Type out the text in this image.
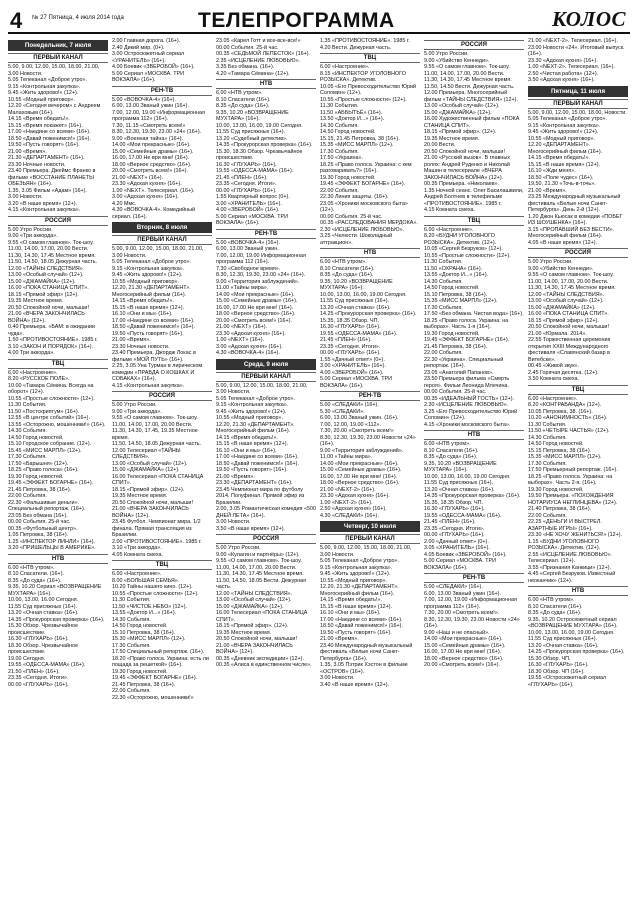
4 № 27 Пятница, 4 июля 2014 года	ТЕЛЕПРОГРАММА	КОЛОС
Понедельник, 7 июля
ПЕРВЫЙ КАНАЛ
5.00, 9.00, 12.00, 15.00, 18.00, 21.00, 3.00 Новости.
5.05 Телеканал «Доброе утро».
9.15 «Контрольная закупка».
9.45 «Жить здорово!» (12+).
10.55 «Модный приговор».
12.20 «Сегодня вечером» с Андреем Малаховым (16+).
14.15 «Время обедать!».
15.15 «Время покажет» (16+).
17.00 «Наедине со всеми» (16+).
18.50 «Давай поженимся!» (16+).
19.50 «Пусть говорят» (16+).
21.00 «Время».
21.30 «ДЕПАРТАМЕНТ» (16+).
23.30 Ночные новости.
23.40 Премьера. Джеймс Франко в фильме «ВОССТАНИЕ ПЛАНЕТЫ ОБЕЗЬЯН» (16+).
1.35, 3.05 Фильм «Адам» (16+).
3.00 Новости.
3.20 «В наше время» (12+).
4.15 «Контрольная закупка».
РОССИЯ
5.00 Утро России.
9.00 «Три аккорда».
9.55 «О самом главном». Ток-шоу.
11.00, 14.00, 17.00, 20.00 Вести.
11.30, 14.30, 17.45 Местное время.
11.50, 14.50, 18.05 Дежурная часть.
12.00 «ТАЙНЫ СЛЕДСТВИЯ».
13.00 «Особый случай» (12+).
15.00 «ДЖАМАЙКА» (12+).
16.00 «ПОКА СТАНИЦА СПИТ».
18.15 «Прямой эфир» (12+).
19.35 Местное время.
20.50 Спокойной ночи, малыши!
21.00 «ВЧЕРА ЗАКОНЧИЛАСЬ ВОЙНА» (12+).
0.40 Премьера. «БАМ: в ожидании чуда».
1.50 «ПРОТИВОСТОЯНИЕ». 1985 г.
3.10 «ЗАКОН И ПОРЯДОК» (16+).
4.00 Три аккорда».
ТВЦ
6.00 «Настроение».
8.20 «РУССКОЕ ПОЛЕ».
10.00 «Тамара Сёмина. Всегда на оборот» (12+).
10.55 «Простые сложности» (12+).
11.30 События.
11.50 «Постскриптум» (16+).
12.55 «В центре событий» (16+).
13.55 «Осторожно, мошенники!» (16+).
14.30 События.
14.50 Город новостей.
15.10 Городское собрание. (12+).
15.45 «МИСС МАРПЛ» (12+).
17.30 События.
17.50 «Барышня» (12+).
18.25 «Право голоса» (16+).
19.30 Город новостей.
19.45 «ЭФФЕКТ БОГАРНЕ» (16+).
21.45 Петровка, 38 (16+).
22.00 События.
22.30 «Фальшивые деньги». Специальный репортаж. (16+).
23.05 Без обмана (16+).
00.00 События. 25-й час.
00.35 «Футбольный центр».
1.05 Петровка, 38 (16+).
1.25 «ИНСПЕКТОР ЛИНЛИ» (16+).
3.20 «ПРИШЕЛЬЦЫ В АМЕРИКЕ».
НТВ
6.00 «НТВ утром».
8.10 Спасатели. (16+).
8.35 «До суда» (16+).
9.35, 10.20 Сериал «ВОЗВРАЩЕНИЕ МУХТАРА» (16+).
10.00, 13.00, 16.00 Сегодня.
11.55 Суд присяжных (16+).
13.20 «Очная ставка» (16+).
14.35 «Прокурорская проверка» (16+).
15.30 Обзор. Чрезвычайное происшествие.
16.30 «ГЛУХАРЬ» (16+).
18.30 Обзор. Чрезвычайное происшествие.
19.00 Сегодня.
19.55 «ОДЕССА-МАМА» (16+).
21.50 «ПЛЕН» (16+).
23.35 «Сегодня. Итоги».
00.00 «ГЛУХАРЬ» (16+).
2.00 Главная дорога. (16+).
2.40 Дикий мир. (0+).
3.00 Остросюжетный сериал «УРАНИТЕЛЬ» (16+).
4.00 Боевик «ЗВЕРОБОЙ» (16+).
5.00 Сериал «МОСКВА. ТРИ ВОКЗАЛА» (16+).
РЕН-ТВ
5.00 «ВОВОЧКА-4» (16+).
6.00, 13.00 Званый ужин (16+).
7.00, 12.00, 19.00 «Информационная программа 112» (16+).
7.30, 11.15 «Смотреть всем!»
8.30, 12.30, 19.30, 23.00 «24» (16+).
9.00 «Военная тайна» (16+).
14.00 «Мои прекрасные» (16+).
15.00 «Семейные драмы» (16+).
16.00, 17.00 Не ври мне! (16+).
18.00 «Верное средство» (16+).
20.00 «Смотреть всем!» (16+).
21.00 «NEXT» (16+).
23.30 «Адская кухня» (16+).
1.00 «NEXT». Телесериал. (16+).
3.00 «Адская кухня» (16+).
4.20 Ммс.
4.30 «ВОВОЧКА-4». Комедийный сериал. (16+).
Вторник, 8 июля
ПЕРВЫЙ КАНАЛ
5.00, 9.00, 12.00, 15.00, 18.00, 21.00, 3.00 Новости.
5.05 Телеканал «Доброе утро».
9.15 «Контрольная закупка».
9.45 «Жить здорово!» (12+).
10.55 «Модный приговор».
12.20, 21.30 «ДЕПАРТАМЕНТ». Многосерийный фильм (16+).
14.15 «Время обедать!».
15.15 «В наше время» (12+).
16.10 «Они и мы» (16+).
17.00 «Наедине со всеми» (16+).
18.50 «Давай поженимся!» (16+).
19.50 «Пусть говорят» (16+).
21.00 «Время».
23.30 Ночные новости.
23.40 Премьера. Джордж Локас в фильме «МОЙ ПУТЬ» (16+).
2.25, 3.05 Уна Турман в лирическом комедии «ПРАВДА О КОШКАХ И СОБАКАХ» (16+).
4.15 «Контрольная закупка».
РОССИЯ
5.00 Утро России.
9.00 «Три аккорда».
9.55 «О самом главном». Ток-шоу.
11.00, 14.00, 17.00, 20.00 Вести.
11.30, 14.30, 17.45, 19.35 Местное время.
11.50, 14.50, 18.05 Дежурная часть.
12.00 Телесериал «ТАЙНЫ СЛЕДСТВИЯ».
13.00 «Особый случай» (12+).
15.00 «ДЖАМАЙКА» (12+).
16.00 Телесериал «ПОКА СТАНИЦА СПИТ».
18.15 «Прямой эфир». (12+).
19.35 Местное время.
20.50 Спокойной ночи, малыши!
21.00 «ВЧЕРА ЗАКОНЧИЛАСЬ ВОЙНА» (12+).
23.45 Футбол. Чемпионат мира. 1/2 финала. Прямая трансляция из Бразилии.
2.00 «ПРОТИВОСТОЯНИЕ». 1985 г.
3.10 «Три аккорда».
4.05 Комната смеха.
ТВЦ
6.00 «Настроение».
8.00 «БОЛЬШАЯ СЕМЬЯ».
10.20 Тайны нашего кино. (12+).
10.55 «Простые сложности» (12+).
11.30 События.
11.50 «ЧИСТОЕ НЕБО» (12+).
13.55 «Доктор И...» (16+).
14.30 События.
14.50 Город новостей.
15.10 Петровка, 38 (16+).
15.30 «МИСС МАРПЛ» (12+).
17.30 События.
17.50 Специальный репортаж. (16+).
18.20 «Право голоса. Украина: есть ли пощада за решеткой» (16+).
19.30 Город новостей.
19.45 «ЭФФЕКТ БОГАРНЕ» (16+).
21.45 Петровка, 38 (16+).
22.00 События.
22.30 «Осторожно, мошенники!»
23.05 «Карел Готт и все-все-все!»
00.00 События. 25-й час.
00.35 «СЕДЬМОЙ ЛЕПЕСТОК» (16+).
2.35 «ИСЦЕЛЕНИЕ ЛЮБОВЬЮ».
3.35 Без обмана. (16+).
4.20 «Тамара Сёмина» (12+).
НТВ
6.00 «НТВ утром».
8.10 Спасатели (16+).
8.35 «До суда» (16+).
9.35, 10.20 «ВОЗВРАЩЕНИЕ МУХТАРА» (16+).
10.00, 13.00, 16.00, 19.00 Сегодня.
11.55 Суд присяжных (16+).
13.20 «Судебный детектив».
14.35 «Прокурорская проверка» (16+).
15.30, 18.30 Обзор. Чрезвычайное происшествие.
16.30 «ГЛУХАРЬ» (16+).
19.55 «ОДЕССА-МАМА» (16+).
21.45 «ПЛЕН» (16+).
23.35 «Сегодня. Итоги».
00.00 «ГЛУХАРЬ» (16+).
1.55 Квартирный вопрос (0+).
3.00 «ХРАНИТЕЛЬ» (16+).
4.00 «ЗВЕРОБОЙ» (16+).
5.00 Сериал «МОСКВА. ТРИ ВОКЗАЛА» (16+).
РЕН-ТВ
5.00 «ВОВОЧКА-4» (16+).
6.00, 13.00 Званый ужин.
7.00, 12.00, 19.00 Информационная программа 112 (16+).
7.30 «Свободное время».
8.30, 12.30, 19.30, 23.00 «24» (16+).
9.00 «Территория заблуждений».
11.00 «Тайны мира».
14.00 «Мои прекрасные» (16+).
15.00 «Семейные драмы» (16+).
16.00, 17.00 Не ври мне! (16+).
18.00 «Верное средство» (16+).
20.00 «Смотреть всем!» (16+).
21.00 «NEXT» (16+).
23.30 «Адская кухня» (16+).
1.00 «NEXT» (16+).
3.00 «Адская кухня» (16+).
4.30 «ВОВОЧКА-4» (16+).
Среда, 9 июля
ПЕРВЫЙ КАНАЛ
5.00, 9.00, 12.00, 15.00, 18.00, 21.00, 3.00 Новости.
5.05 Телеканал «Доброе утро».
9.15 «Контрольная закупка».
9.45 «Жить здорово!» (12+).
10.55 «Модный приговор».
12.20, 21.30 «ДЕПАРТАМЕНТ». Многосерийный фильм (16+).
14.15 «Время обедать!».
15.15 «В наше время» (12+).
16.10 «Они и мы» (16+).
17.00 «Наедине со всеми» (16+).
18.50 «Давай поженимся!» (16+).
19.50 «Пусть говорят» (16+).
21.00 «Время».
23.30 «ДЕПАРТАМЕНТ» (16+).
23.45 Чемпионат мира по футболу 2014. Полуфинал. Прямой эфир из Бразилии.
2.00, 3.05 Романтическая комедия «500 ДНЕЙ ЛЕТА» (16+).
3.00 Новости.
3.50 «В наше время» (12+).
РОССИЯ
5.00 Утро России.
9.00 «Кулагин и партнёры» (12+).
9.55 «О самом главном». Ток-шоу.
11.00, 14.00, 17.00, 20.00 Вести.
11.30, 14.30, 17.45 Местное время.
11.50, 14.50, 18.05 Вести. Дежурная часть.
12.00 «ТАЙНЫ СЛЕДСТВИЯ».
13.00 «Особый случай» (12+).
15.00 «ДЖАМАЙКА» (12+).
16.00 Телесериал «ПОКА СТАНИЦА СПИТ».
18.15 «Прямой эфир». (12+).
19.35 Местное время.
20.50 Спокойной ночи, малыши!
21.00 «ВЧЕРА ЗАКОНЧИЛАСЬ ВОЙНА» (12+).
00.35 «Дневник экспедиции» (12+).
00.35 «Алиса в единственном числе».
1.35 «ПРОТИВОСТОЯНИЕ». 1985 г.
4.20 Вести. Дежурная часть.
ТВЦ
6.00 «Настроение».
8.15 «ИНСПЕКТОР УГОЛОВНОГО РОЗЫСКА». Детектив.
10.05 «Его Превосходительство Юрий Соломин» (12+).
10.55 «Простые сложности» (12+).
11.30 События.
11.50 «АББЫТЬЁ» (16+).
13.50 «Доктор И...» (16+).
14.30 События.
14.50 Город новостей.
15.15, 21.45 Петровка, 38 (16+).
15.35 «МИСС МАРПЛ» (12+).
17.30 События.
17.50 «Украина».
18.25 «Право голоса. Украина: с кем разговаривать?» (16+).
19.30 Город новостей.
19.45 «ЭФФЕКТ БОГАРНЕ» (16+).
22.00 События.
22.30 Линия защиты. (16+).
23.05 «Хроники московского быта» (12+).
00.00 События. 25-й час.
00.35 «РАССЛЕДОВАНИЯ МЕРДОКА».
2.30 «ИСЦЕЛЕНИЕ ЛЮБОВЬЮ».
3.25 «Челюсти. Шоколадный аттракцион».
НТВ
6.00 «НТВ утром».
8.10 Спасатели (16+).
8.35 «До суда» (16+).
9.35, 10.20 «ВОЗВРАЩЕНИЕ МУХТАРА» (16+).
10.00, 13.00, 16.00, 19.00 Сегодня.
11.55 Суд присяжных (16+).
13.20 «Очная ставка» (16+).
14.25 «Прокурорская проверка» (16+).
15.35, 18.35 Обзор. ЧП.
16.30 «ГЛУХАРЬ» (16+).
19.55 «ОДЕССА-МАМА» (16+).
21.45 «ПЛЕН» (16+).
23.35 «Сегодня. Итоги».
00.00 «ГЛУХАРЬ» (16+).
1.55 «Дачный ответ» (0+).
3.00 «ХРАНИТЕЛЬ» (16+).
4.00 «ЗВЕРОБОЙ» (16+).
5.00 Сериал «МОСКВА. ТРИ ВОКЗАЛА» (16+).
РЕН-ТВ
5.00 «СЛЕДАКИ» (16+).
5.30 «СЛЕДАКИ».
6.00, 13.00 Званый ужин. (16+).
7.00, 12.00, 19.00 «112».
7.30, 20.00 «Смотреть всем!»
8.30, 12.30, 19.30, 23.00 Новости «24» (16+).
9.00 «Территория заблуждений».
11.00 «Тайны мира».
14.00 «Мои прекрасные» (16+).
15.00 «Семейные драмы» (16+).
16.00, 17.00 Не ври мне! (16+).
18.00 «Верное средство» (16+).
21.00 «NEXT-2» (16+).
23.30 «Адская кухня» (16+).
1.00 «NEXT-2» (16+).
2.50 «Адская кухня» (16+).
4.30 «СЛЕДАКИ» (16+).
Четверг, 10 июля
ПЕРВЫЙ КАНАЛ
5.00, 9.00, 12.00, 15.00, 18.00, 21.00, 3.00 Новости.
5.05 Телеканал «Доброе утро».
9.15 «Контрольная закупка».
9.45 «Жить здорово!» (12+).
10.55 «Модный приговор».
12.20, 21.30 «ДЕПАРТАМЕНТ». Многосерийный фильм (16+).
14.15 «Время обедать!».
15.15 «В наше время» (12+).
16.10 «Они и мы» (16+).
17.00 «Наедине со всеми» (16+).
18.50 «Давай поженимся!» (16+).
19.50 «Пусть говорят» (16+).
21.00 «Время».
23.40 Международный музыкальный фестиваль «Белые ночи Санкт-Петербурга» (16+).
1.35, 3.05 Пэтрик Хэстон в фильме «ОСТРОВ» (16+).
3.00 Новости.
3.40 «В наше время» (12+).
РОССИЯ
5.00 Утро России.
9.00 «Убийство Кеннеди».
9.55 «О самом главном». Ток-шоу.
11.00, 14.00, 17.00, 20.00 Вести.
11.30, 14.30, 17.45 Местное время.
11.50, 14.50 Вести. Дежурная часть.
12.00 Премьера. Многосерийный фильм «ТАЙНЫ СЛЕДСТВИЯ» (12+).
13.00 «Особый случай» (12+).
15.00 «ДЖАМАЙКА» (12+).
16.00 Художественный фильм «ПОКА СТАНИЦА СПИТ».
18.15 «Прямой эфир». (12+).
19.35 Местное время.
20.00 Вести.
20.50 Спокойной ночи, малыши!
21.00 «Русский вызов». В главных ролях: Андрей Руденко и Николай Машин в телесериале «ВЧЕРА ЗАКОНЧИЛАСЬ ВОЙНА» (12+).
00.35 Премьера. «Николаев».
1.35 Ночной сеанс. Олег Басилашвили, Андрей Болтнев в телефильме «ПРОТИВОСТОЯНИЕ». 1985 г.
4.15 Комната смеха.
ТВЦ
6.00 «Настроение».
8.20 «БУДНИ УГОЛОВНОГО РОЗЫСКА». Детектив. (12+).
10.05 «Сергей Безруков» (12+).
10.55 «Простые сложности» (12+).
11.30 События.
11.50 «ОХРАНА» (16+).
13.55 «Доктор И...» (16+).
14.30 События.
14.50 Город новостей.
15.10 Петровка, 38 (16+).
15.35 «МИСС МАРПЛ» (12+).
17.30 События.
17.50 «Без обмана. Чистая вода» (16+).
18.25 «Право голоса. Украина: на выборах». Часть 1-я (16+).
19.30 Город новостей.
19.45 «ЭФФЕКТ БОГАРНЕ» (16+).
21.45 Петровка, 38 (16+).
22.00 События.
22.30 «Украина». Специальный репортаж. (16+).
23.05 «Анатолий Папанов».
23.50 Премьера фильма «Смерть героя». Фильм Леонида Млечина.
00.00 События. 25-й час.
00.35 «ИДЕАЛЬНЫЙ ГОСТЬ» (12+).
2.30 «ИСЦЕЛЕНИЕ ЛЮБОВЬЮ».
3.25 «Его Превосходительство Юрий Соломин» (12+).
4.15 «Хроники московского быта».
НТВ
6.00 «НТВ утром».
8.10 Спасатели (16+).
8.35 «До суда» (16+).
9.35, 10.20 «ВОЗВРАЩЕНИЕ МУХТАРА» (16+).
10.00, 13.00, 16.00, 19.00 Сегодня.
11.55 Суд присяжных (16+).
13.20 «Очная ставка» (16+).
14.35 «Прокурорская проверка» (16+).
15.35, 18.35 Обзор. ЧП.
16.30 «ГЛУХАРЬ» (16+).
19.55 «ОДЕССА-МАМА» (16+).
21.45 «ПЛЕН» (16+).
23.35 «Сегодня. Итоги».
00.00 «ГЛУХАРЬ» (16+).
2.00 «Дачный ответ» (0+).
3.05 «ХРАНИТЕЛЬ» (16+).
4.05 Боевик «ЗВЕРОБОЙ» (16+).
5.00 Сериал «МОСКВА. ТРИ ВОКЗАЛА» (16+).
РЕН-ТВ
5.00 «СЛЕДАКИ» (16+).
6.00, 13.00 Званый ужин (16+).
7.00, 12.00, 19.00 «Информационная программа 112» (16+).
7.30, 20.00 «Смотреть всем!».
8.30, 12.30, 19.30, 23.00 Новости «24» (16+).
9.00 «Наш и не опасный».
14.00 «Мои прекрасные» (16+).
15.00 «Семейные драмы» (16+).
16.00, 17.00 Не ври мне! (16+).
18.00 «Верное средство» (16+).
20.00 «Смотреть всем!» (16+).
21.00 «NEXT-2». Телесериал. (16+).
23.00 Новости «24». Итоговый выпуск. (16+).
23.30 «Адская кухня» (16+).
1.00 «NEXT-2». Телесериал. (16+).
2.50 «Чистая работа» (12+).
3.50 «Адская кухня» (16+).
Пятница, 11 июля
ПЕРВЫЙ КАНАЛ
5.00, 9.00, 12.00, 15.00, 18.00, Новости.
5.05 Телеканал «Доброе утро».
9.15 «Контрольная закупка».
9.45 «Жить здорово!» (12+).
10.55 «Модный приговор».
12.20 «ДЕПАРТАМЕНТ». Многосерийный фильм (16+).
14.15 «Время обедать!».
15.15 «В наше время» (12+).
16.10 «Жди меня».
18.50 «Поле чудес» (16+).
19.50, 21.30 «Точь-в-точь».
21.00 «Время».
23.25 Международный музыкальный фестиваль «Белые ночи Санкт-Петербурга». День 2-й (12+).
1.20 Джон Кьюсак в комедии «ПОБЕГ ИЗ ШОУШЕНКА» (16+).
3.15 «ПРОПАВШИЙ БЕЗ ВЕСТИ». Многосерийный фильм (16+).
4.05 «В наше время» (12+).
РОССИЯ
5.00 Утро России.
9.00 «Убийство Кеннеди».
9.55 «О самом главном». Ток-шоу.
11.00, 14.00, 17.00, 20.00 Вести.
11.30, 14.30, 17.45 Местное время.
12.00 «ТАЙНЫ СЛЕДСТВИЯ».
13.00 «Особый случай» (12+).
15.00 «ДЖАМАЙКА» (12+).
16.00 «ПОКА СТАНИЦА СПИТ».
18.15 «Прямой эфир» (12+).
20.50 Спокойной ночи, малыши!
21.00 «Юрмала. 2014».
22.55 Торжественная церемония открытия XXIII Международного фестиваля «Славянский базар в Витебске».
00.45 «Живой звук».
2.45 Горячая десятка. (12+).
3.50 Комната смеха.
ТВЦ
6.00 «Настроение».
8.20 «КОНТРАБАНДА» (12+).
10.05 Петровка, 38. (16+).
10.20 «АНОНИМНОСТЬ» (16+).
11.30 События.
11.50 «ЧЕТЫРЕ ЧАСТЬЯ» (12+).
14.30 События.
14.50 Город новостей.
15.15 Петровка, 38 (16+).
15.35 «МИСС МАРПЛ» (12+).
17.30 События.
17.50 Премьерный репортаж. (16+).
18.25 «Право голоса. Украина: на выборах». Часть 2-я. (16+).
19.30 Город новостей.
19.50 Премьера. «ПОХОЖДЕНИЯ НОТАРИУСА НЕГЛИНЦЕВА» (12+).
21.40 Петровка, 38 (16+).
22.00 События.
22.25 «ДЕНЬГИ И ВЫСТРЕЛ. АЗАРТНЫЕ ИГРЫ» (16+).
23.30 «НЕ ХОЧУ ЖЕНИТЬСЯ!» (12+).
1.15 «БУДНИ УГОЛОВНОГО РОЗЫСКА». Детектив. (12+).
2.55 «ИСЦЕЛЕНИЕ ЛЮБОВЬЮ». Телесериал. (12+).
3.55 «Признания Канкици» (12+).
4.45 «Сергей Безруков. Известный неоканчик» (12+).
НТВ
6.00 «НТВ утром».
8.10 Спасатели (16+).
8.35 «До суда» (16+).
9.35, 10.20 Остросюжетный сериал «ВОЗВРАЩЕНИЕ МУХТАРА» (16+).
10.00, 13.00, 16.00, 19.00 Сегодня.
11.55 Суд присяжных (16+).
13.20 «Очная ставка» (16+).
14.25 «Прокурорская проверка» (16+).
15.30 Обзор. ЧП.
16.30 «ГЛУХАРЬ» (16+).
18.30 Обзор. ЧП (16+).
19.55 «Остросюжетный сериал «ГЛУХАРЬ» (16+).
